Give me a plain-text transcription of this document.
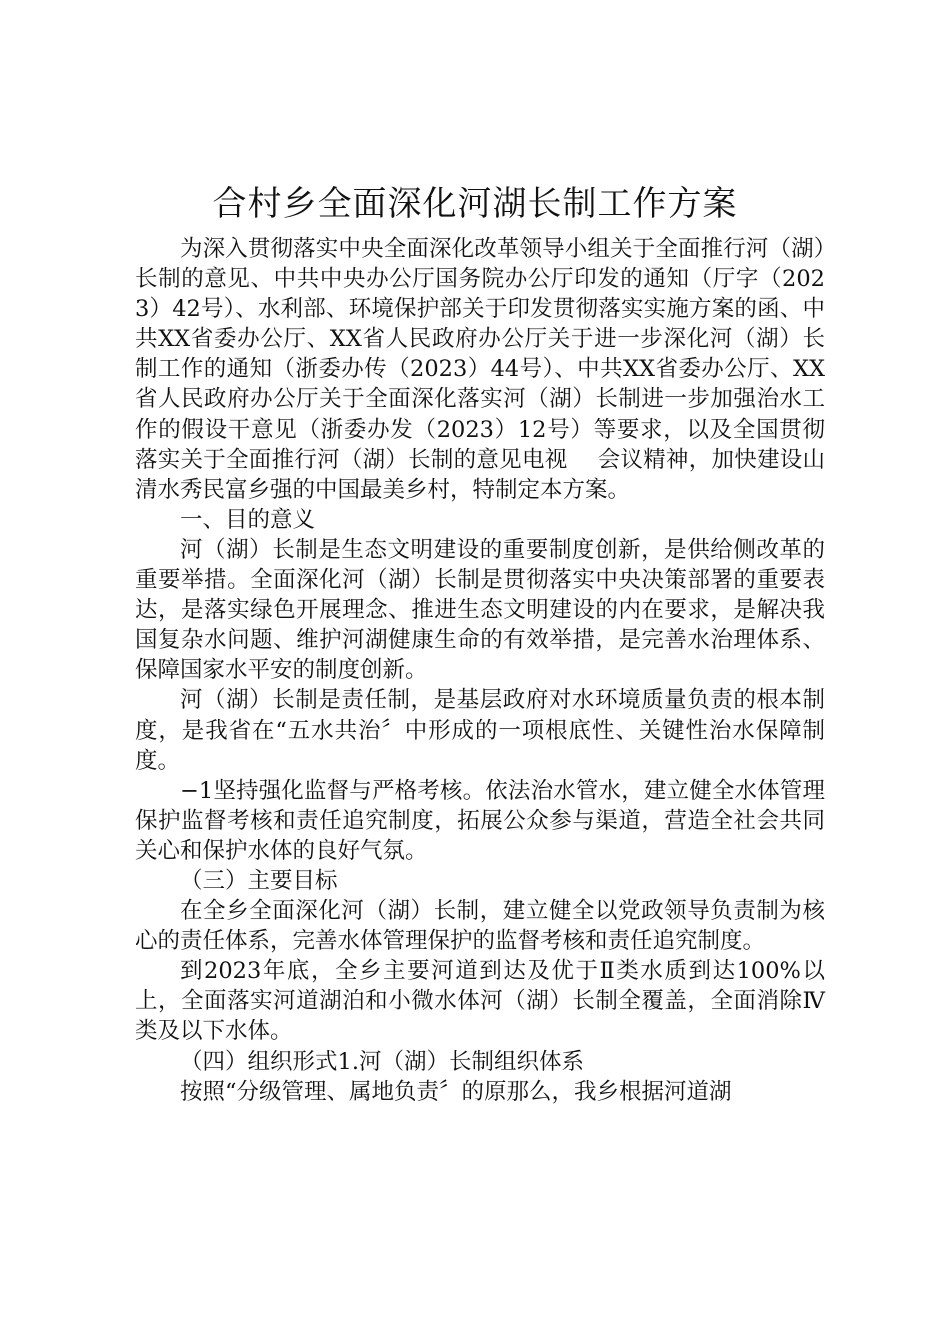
合村乡全面深化河湖长制工作方案

为深入贯彻落实中央全面深化改革领导小组关于全面推行河（湖）长制的意见、中共中央办公厅国务院办公厅印发的通知（厅字（2023）42号）、水利部、环境保护部关于印发贯彻落实实施方案的函、中共XX省委办公厅、XX省人民政府办公厅关于进一步深化河（湖）长制工作的通知（浙委办传（2023）44号）、中共XX省委办公厅、XX省人民政府办公厅关于全面深化落实河（湖）长制进一步加强治水工作的假设干意见（浙委办发（2023）12号）等要求，以及全国贯彻落实关于全面推行河（湖）长制的意见电视　 会议精神，加快建设山清水秀民富乡强的中国最美乡村，特制定本方案。

一、目的意义

河（湖）长制是生态文明建设的重要制度创新，是供给侧改革的重要举措。全面深化河（湖）长制是贯彻落实中央决策部署的重要表达，是落实绿色开展理念、推进生态文明建设的内在要求，是解决我国复杂水问题、维护河湖健康生命的有效举措，是完善水治理体系、保障国家水平安的制度创新。

河（湖）长制是责任制，是基层政府对水环境质量负责的根本制度，是我省在“五水共治〞中形成的一项根底性、关键性治水保障制度。

−1坚持强化监督与严格考核。依法治水管水，建立健全水体管理保护监督考核和责任追究制度，拓展公众参与渠道，营造全社会共同关心和保护水体的良好气氛。

（三）主要目标

在全乡全面深化河（湖）长制，建立健全以党政领导负责制为核心的责任体系，完善水体管理保护的监督考核和责任追究制度。

到2023年底，全乡主要河道到达及优于Ⅱ类水质到达100%以上，全面落实河道湖泊和小微水体河（湖）长制全覆盖，全面消除Ⅳ类及以下水体。

（四）组织形式1.河（湖）长制组织体系

按照“分级管理、属地负责〞的原那么，我乡根据河道湖
